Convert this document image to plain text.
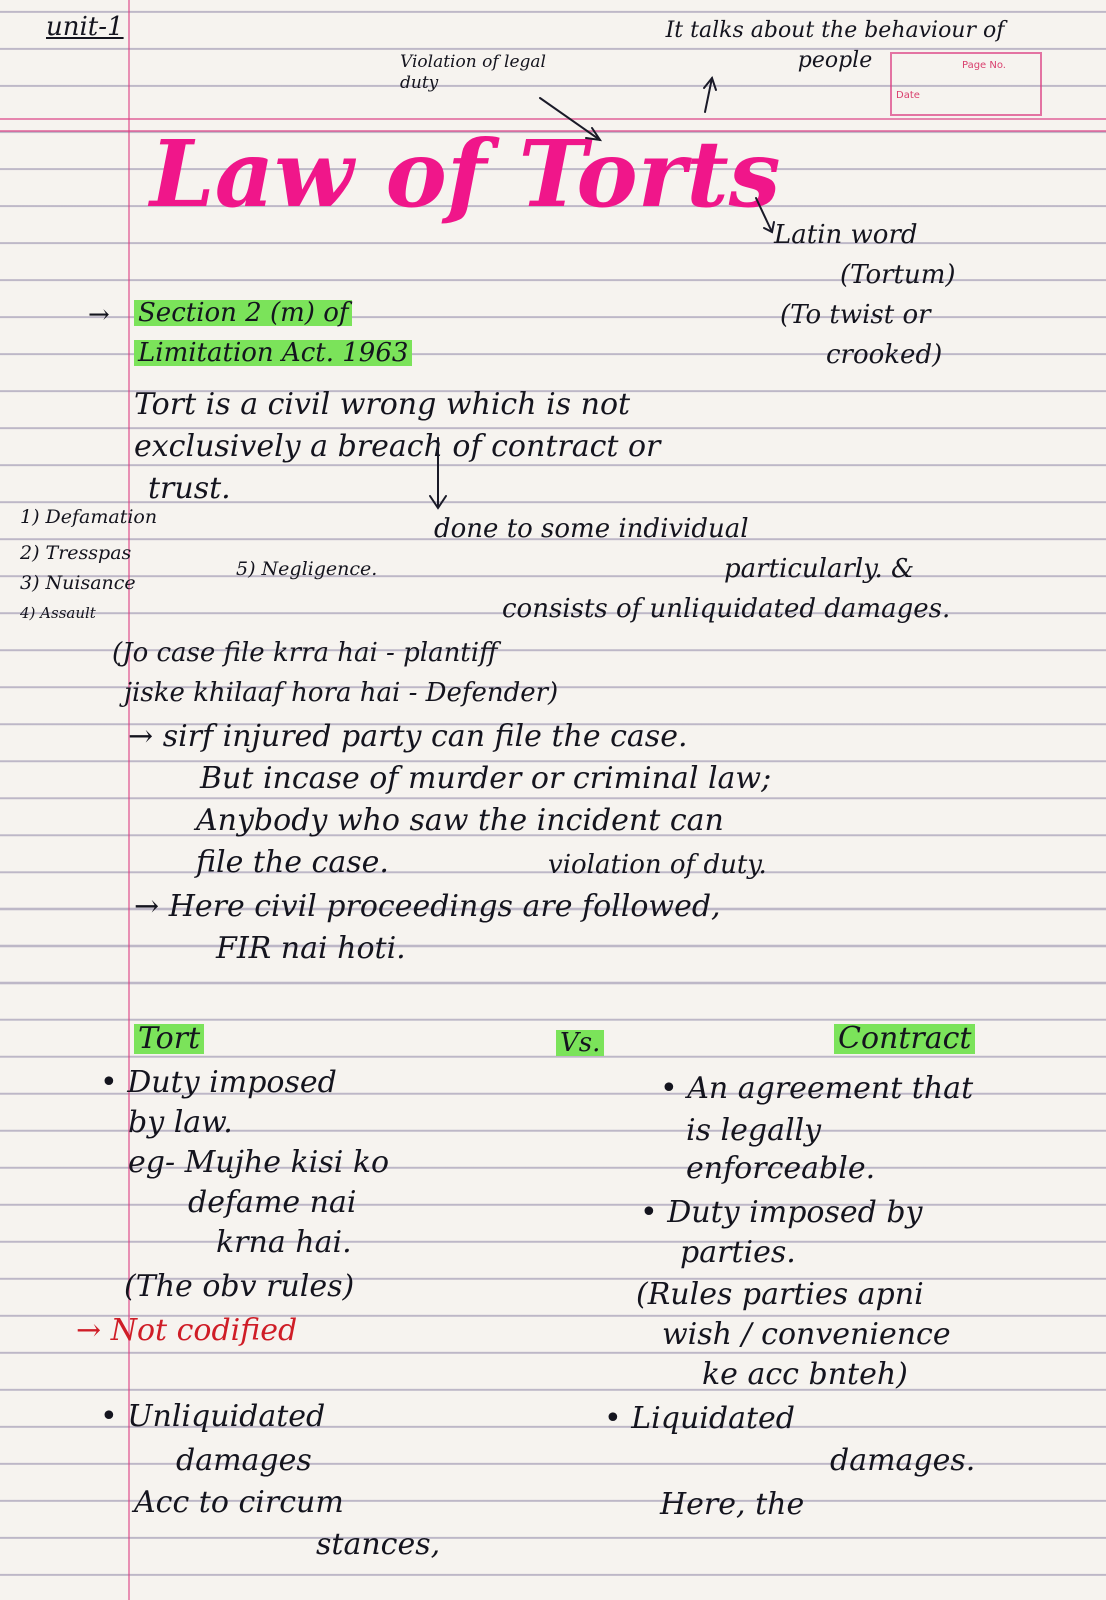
Page No.
Date
unit-1
Violation of legal duty
It talks about the behaviour of people
Law of Torts
Latin word
(Tortum)
(To twist or
crooked)
→ Section 2 (m) of
Limitation Act. 1963
Tort is a civil wrong which is not
exclusively a breach of contract or
trust.
done to some individual
particularly. &
consists of unliquidated damages.
1) Defamation
2) Tresspas
3) Nuisance
4) Assault
5) Negligence.
(Jo case file krra hai - plantiff
jiske khilaaf hora hai - Defender)
→ sirf injured party can file the case.
But incase of murder or criminal law;
Anybody who saw the incident can
file the case.	violation of duty.
→ Here civil proceedings are followed,
FIR nai hoti.
Tort	Vs.	Contract
• Duty imposed
by law.
eg- Mujhe kisi ko
defame nai
krna hai.
(The obv rules)
→ Not codified
• Unliquidated
damages
Acc to circum
stances,
• An agreement that
is legally
enforceable.
• Duty imposed by
parties.
(Rules parties apni
wish / convenience
ke acc bnteh)
• Liquidated
damages.
Here, the
